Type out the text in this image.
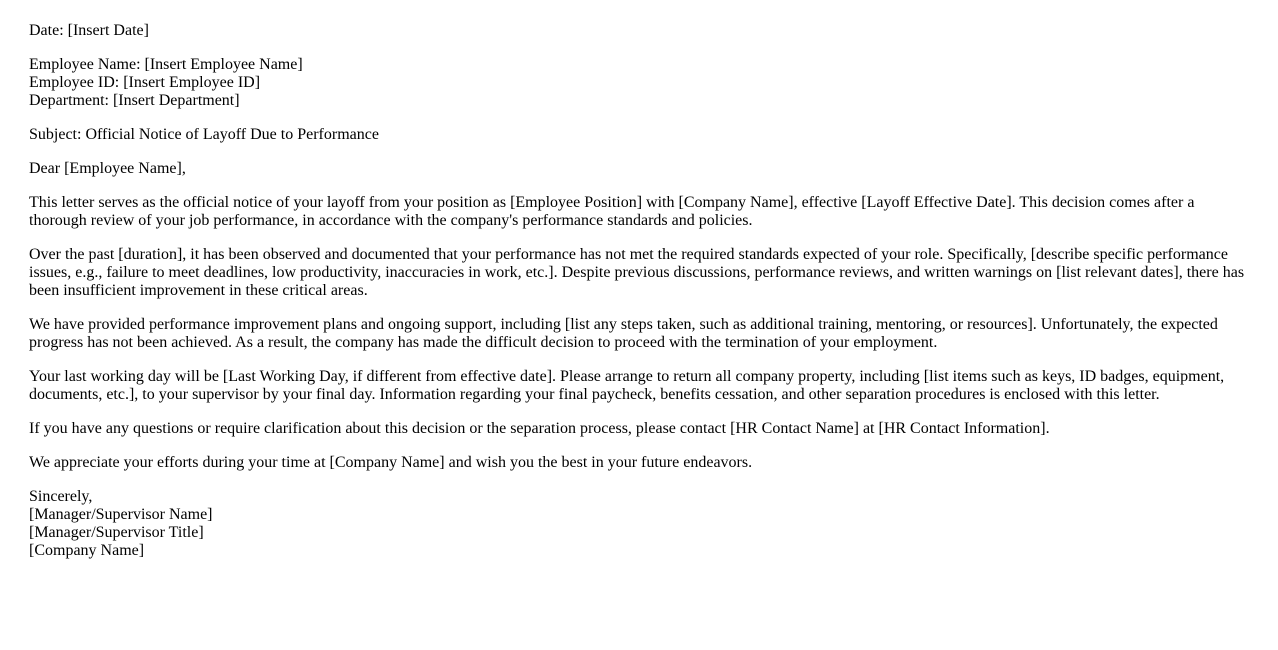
Date: [Insert Date]

Employee Name: [Insert Employee Name]
Employee ID: [Insert Employee ID]
Department: [Insert Department]

Subject: Official Notice of Layoff Due to Performance

Dear [Employee Name],

This letter serves as the official notice of your layoff from your position as [Employee Position] with [Company Name], effective [Layoff Effective Date]. This decision comes after a thorough review of your job performance, in accordance with the company's performance standards and policies.

Over the past [duration], it has been observed and documented that your performance has not met the required standards expected of your role. Specifically, [describe specific performance issues, e.g., failure to meet deadlines, low productivity, inaccuracies in work, etc.]. Despite previous discussions, performance reviews, and written warnings on [list relevant dates], there has been insufficient improvement in these critical areas.

We have provided performance improvement plans and ongoing support, including [list any steps taken, such as additional training, mentoring, or resources]. Unfortunately, the expected progress has not been achieved. As a result, the company has made the difficult decision to proceed with the termination of your employment.

Your last working day will be [Last Working Day, if different from effective date]. Please arrange to return all company property, including [list items such as keys, ID badges, equipment, documents, etc.], to your supervisor by your final day. Information regarding your final paycheck, benefits cessation, and other separation procedures is enclosed with this letter.

If you have any questions or require clarification about this decision or the separation process, please contact [HR Contact Name] at [HR Contact Information].

We appreciate your efforts during your time at [Company Name] and wish you the best in your future endeavors.

Sincerely,
[Manager/Supervisor Name]
[Manager/Supervisor Title]
[Company Name]
